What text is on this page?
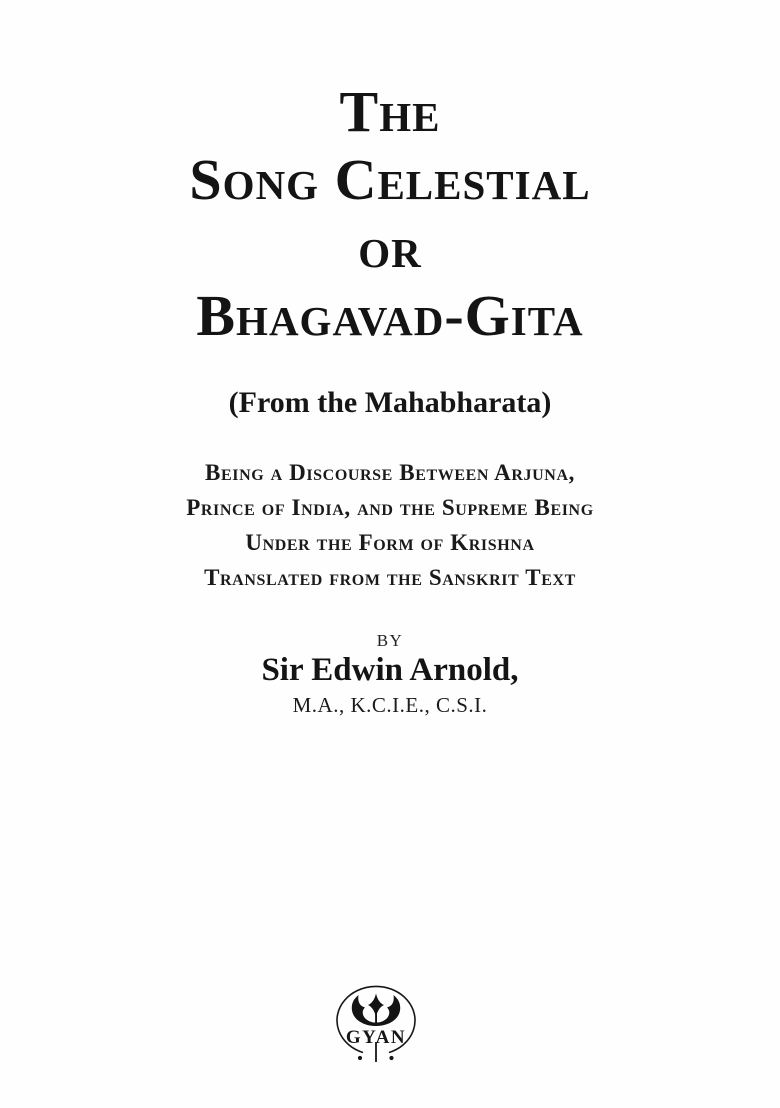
The
Song Celestial
or
Bhagavad-Gita
(From the Mahabharata)
Being a Discourse Between Arjuna,
Prince of India, and the Supreme Being
Under the Form of Krishna
Translated from the Sanskrit Text
BY
Sir Edwin Arnold,
M.A., K.C.I.E., C.S.I.
GYAN
